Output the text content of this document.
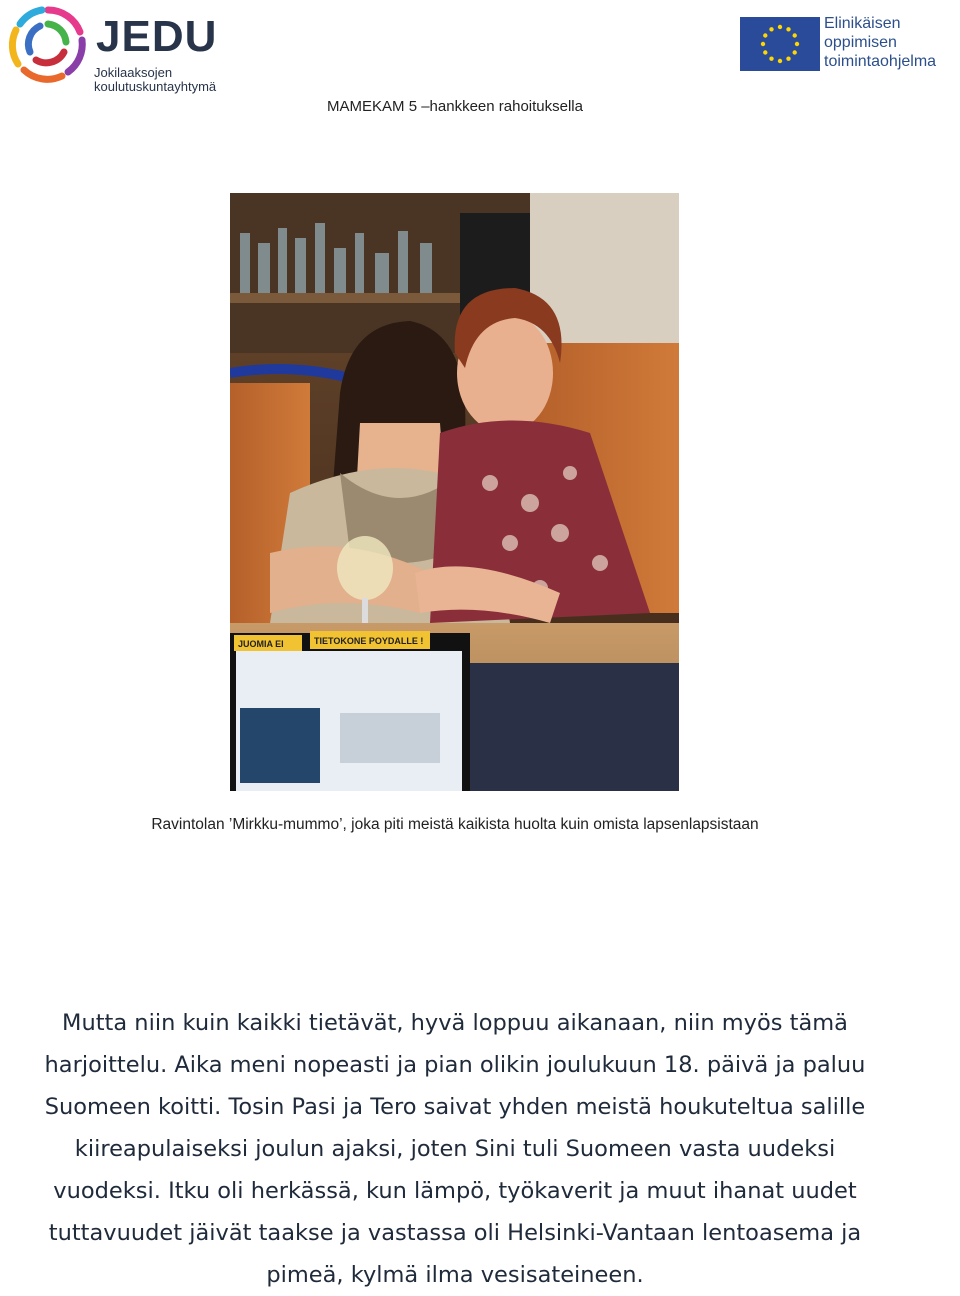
JEDU
Jokilaaksojen
koulutuskuntayhtymä
Elinikäisen
oppimisen
toimintaohjelma
MAMEKAM 5 –hankkeen rahoituksella
JUOMIA EI	TIETOKONE POYDALLE !
Ravintolan ’Mirkku-mummo’, joka piti meistä kaikista huolta kuin omista lapsenlapsistaan
Mutta niin kuin kaikki tietävät, hyvä loppuu aikanaan, niin myös tämä
harjoittelu. Aika meni nopeasti ja pian olikin joulukuun 18. päivä ja paluu
Suomeen koitti. Tosin Pasi ja Tero saivat yhden meistä houkuteltua salille
kiireapulaiseksi joulun ajaksi, joten Sini tuli Suomeen vasta uudeksi
vuodeksi. Itku oli herkässä, kun lämpö, työkaverit ja muut ihanat uudet
tuttavuudet jäivät taakse ja vastassa oli Helsinki-Vantaan lentoasema ja
pimeä, kylmä ilma vesisateineen.
